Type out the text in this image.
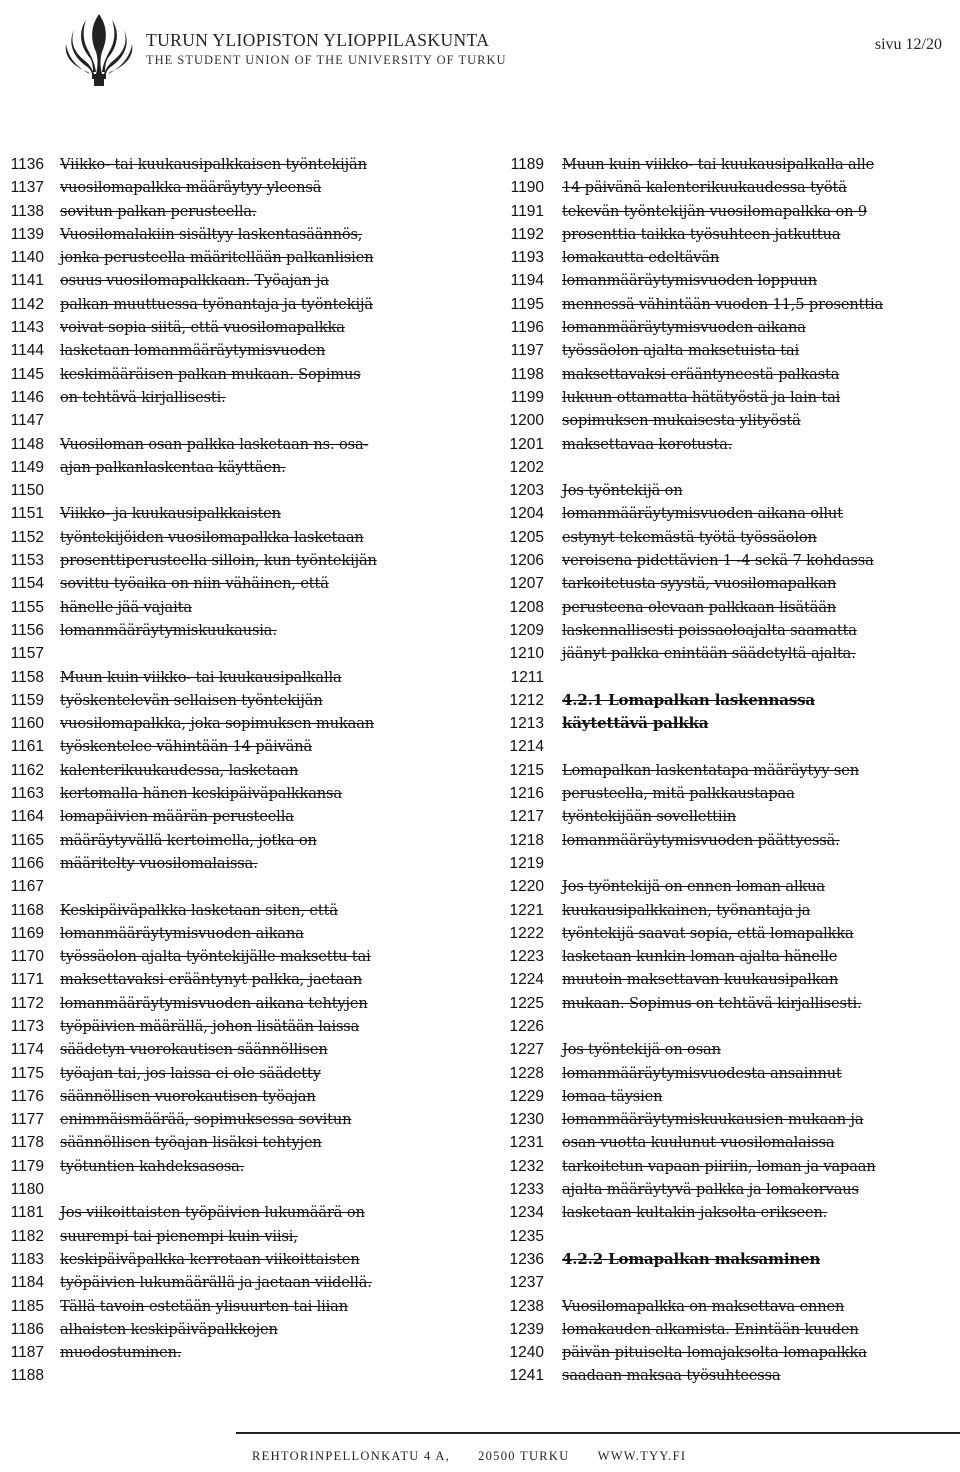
TURUN YLIOPISTON YLIOPPILASKUNTA
THE STUDENT UNION OF THE UNIVERSITY OF TURKU
sivu 12/20
1136 Viikko- tai kuukausipalkkaisen työntekijän
1137 vuosilomapalkka määräytyy yleensä
1138 sovitun palkan perusteella.
1139 Vuosilomalakiin sisältyy laskentasäännös,
1140 jonka perusteella määritellään palkanlisien
1141 osuus vuosilomapalkkaan. Työajan ja
1142 palkan muuttuessa työnantaja ja työntekijä
1143 voivat sopia siitä, että vuosilomapalkka
1144 lasketaan lomanmääräytymisvuoden
1145 keskimääräisen palkan mukaan. Sopimus
1146 on tehtävä kirjallisesti.
1147
1148 Vuosiloman osan palkka lasketaan ns. osa-
1149 ajan palkanlaskentaa käyttäen.
1150
1151 Viikko- ja kuukausipalkkaisten
1152 työntekijöiden vuosilomapalkka lasketaan
1153 prosenttiperusteella silloin, kun työntekijän
1154 sovittu työaika on niin vähäinen, että
1155 hänelle jää vajaita
1156 lomanmääräytymiskuukausia.
1157
1158 Muun kuin viikko- tai kuukausipalkalla
1159 työskentelevän sellaisen työntekijän
1160 vuosilomapalkka, joka sopimuksen mukaan
1161 työskentelee vähintään 14 päivänä
1162 kalenterikuukaudessa, lasketaan
1163 kertomalla hänen keskipäiväpalkkansa
1164 lomapäivien määrän perusteella
1165 määräytyvällä kertoimella, jotka on
1166 määritelty vuosilomalaissa.
1167
1168 Keskipäiväpalkka lasketaan siten, että
1169 lomanmääräytymisvuoden aikana
1170 työssäolon ajalta työntekijälle maksettu tai
1171 maksettavaksi erääntynyt palkka, jaetaan
1172 lomanmääräytymisvuoden aikana tehtyjen
1173 työpäivien määrällä, johon lisätään laissa
1174 säädetyn vuorokautisen säännöllisen
1175 työajan tai, jos laissa ei ole säädetty
1176 säännöllisen vuorokautisen työajan
1177 enimmäismäärää, sopimuksessa sovitun
1178 säännöllisen työajan lisäksi tehtyjen
1179 työtuntien kahdeksasosa.
1180
1181 Jos viikoittaisten työpäivien lukumäärä on
1182 suurempi tai pienempi kuin viisi,
1183 keskipäiväpalkka kerrotaan viikoittaisten
1184 työpäivien lukumäärällä ja jaetaan viidellä.
1185 Tällä tavoin estetään ylisuurten tai liian
1186 alhaisten keskipäiväpalkkojen
1187 muodostuminen.
1188
1189 Muun kuin viikko- tai kuukausipalkalla alle
1190 14 päivänä kalenterikuukaudessa työtä
1191 tekevän työntekijän vuosilomapalkka on 9
1192 prosenttia taikka työsuhteen jatkuttua
1193 lomakautta edeltävän
1194 lomanmääräytymisvuoden loppuun
1195 mennessä vähintään vuoden 11,5 prosenttia
1196 lomanmääräytymisvuoden aikana
1197 työssäolon ajalta maksetuista tai
1198 maksettavaksi erääntyneestä palkasta
1199 lukuun ottamatta hätätyöstä ja lain tai
1200 sopimuksen mukaisesta ylityöstä
1201 maksettavaa korotusta.
1202
1203 Jos työntekijä on
1204 lomanmääräytymisvuoden aikana ollut
1205 estynyt tekemästä työtä työssäolon
1206 veroisena pidettävien 1 -4 sekä 7 kohdassa
1207 tarkoitetusta syystä, vuosilomapalkan
1208 perusteena olevaan palkkaan lisätään
1209 laskennallisesti poissaoloajalta saamatta
1210 jäänyt palkka enintään säädetyltä ajalta.
1211
1212 4.2.1 Lomapalkan laskennassa
1213 käytettävä palkka
1214
1215 Lomapalkan laskentatapa määräytyy sen
1216 perusteella, mitä palkkaustapaa
1217 työntekijään sovellettiin
1218 lomanmääräytymisvuoden päättyessä.
1219
1220 Jos työntekijä on ennen loman alkua
1221 kuukausipalkkainen, työnantaja ja
1222 työntekijä saavat sopia, että lomapalkka
1223 lasketaan kunkin loman ajalta hänelle
1224 muutoin maksettavan kuukausipalkan
1225 mukaan. Sopimus on tehtävä kirjallisesti.
1226
1227 Jos työntekijä on osan
1228 lomanmääräytymisvuodesta ansainnut
1229 lomaa täysien
1230 lomanmääräytymiskuukausien mukaan ja
1231 osan vuotta kuulunut vuosilomalaissa
1232 tarkoitetun vapaan piiriin, loman ja vapaan
1233 ajalta määräytyvä palkka ja lomakorvaus
1234 lasketaan kultakin jaksolta erikseen.
1235
1236 4.2.2 Lomapalkan maksaminen
1237
1238 Vuosilomapalkka on maksettava ennen
1239 lomakauden alkamista. Enintään kuuden
1240 päivän pituiselta lomajaksolta lomapalkka
1241 saadaan maksaa työsuhteessa
REHTORINPELLONKATU 4 A, 20500 TURKU WWW.TYY.FI
